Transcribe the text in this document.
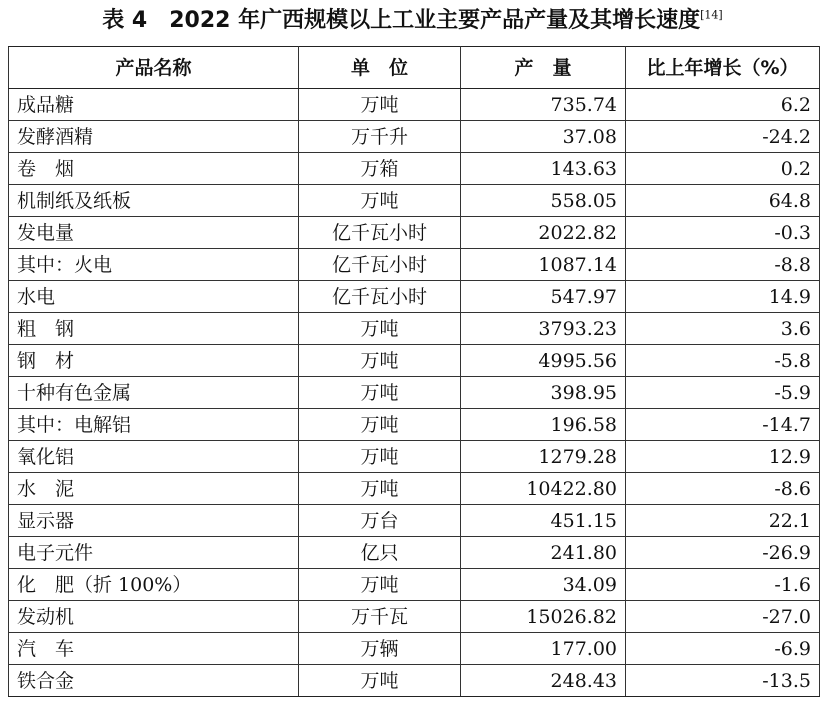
表 4　2022 年广西规模以上工业主要产品产量及其增长速度[14]
产品名称	单　位	产　量	比上年增长（%）
成品糖	万吨	735.74	6.2
发酵酒精	万千升	37.08	-24.2
卷　烟	万箱	143.63	0.2
机制纸及纸板	万吨	558.05	64.8
发电量	亿千瓦小时	2022.82	-0.3
其中：火电	亿千瓦小时	1087.14	-8.8
水电	亿千瓦小时	547.97	14.9
粗　钢	万吨	3793.23	3.6
钢　材	万吨	4995.56	-5.8
十种有色金属	万吨	398.95	-5.9
其中：电解铝	万吨	196.58	-14.7
氧化铝	万吨	1279.28	12.9
水　泥	万吨	10422.80	-8.6
显示器	万台	451.15	22.1
电子元件	亿只	241.80	-26.9
化　肥（折 100%）	万吨	34.09	-1.6
发动机	万千瓦	15026.82	-27.0
汽　车	万辆	177.00	-6.9
铁合金	万吨	248.43	-13.5
